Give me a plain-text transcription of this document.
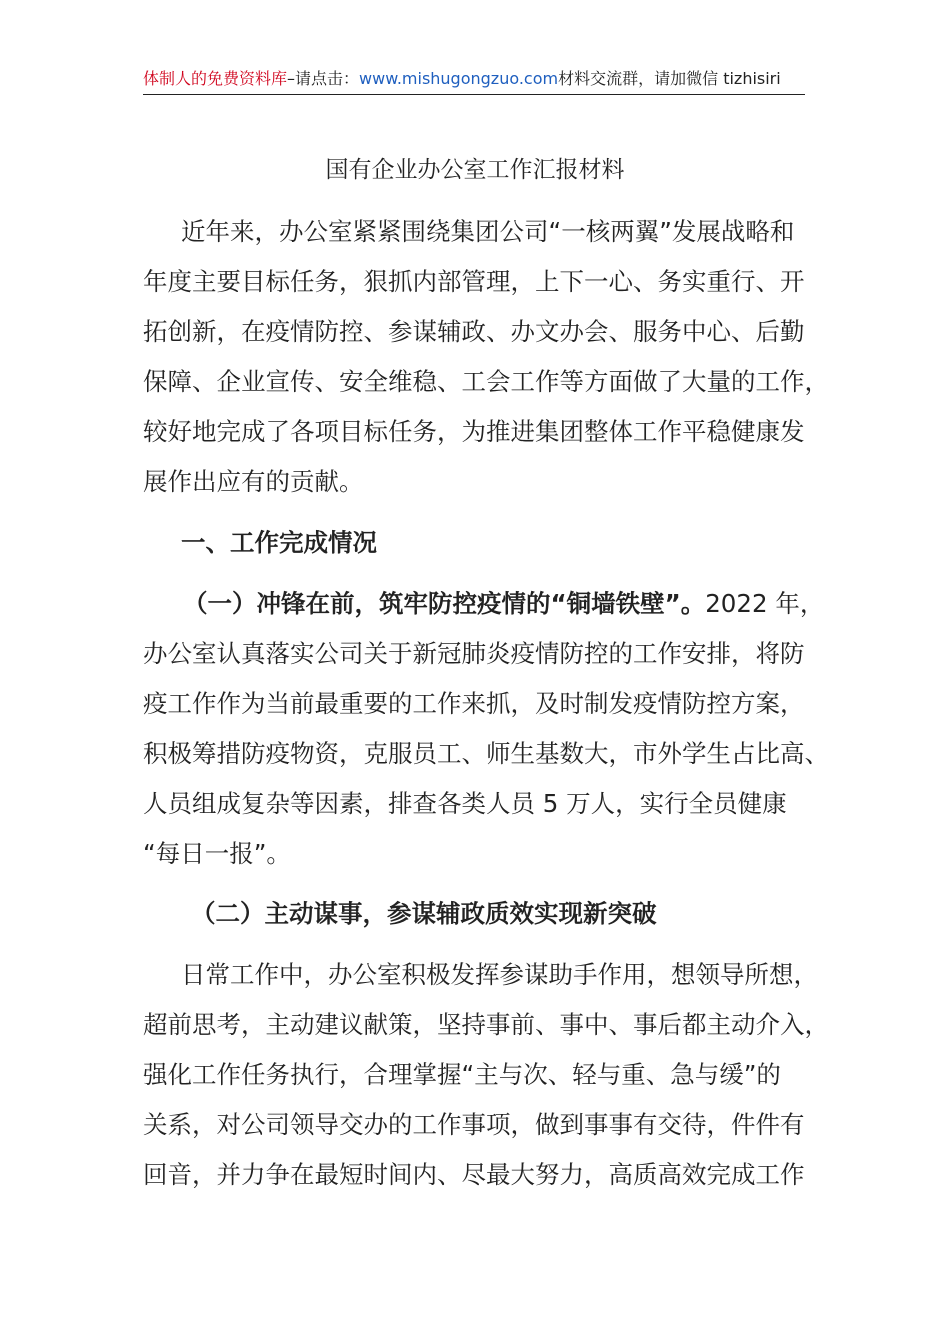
体制人的免费资料库–请点击：www.mishugongzuo.com材料交流群，请加微信 tizhisiri
国有企业办公室工作汇报材料
近年来，办公室紧紧围绕集团公司“一核两翼”发展战略和
年度主要目标任务，狠抓内部管理，上下一心、务实重行、开
拓创新，在疫情防控、参谋辅政、办文办会、服务中心、后勤
保障、企业宣传、安全维稳、工会工作等方面做了大量的工作，
较好地完成了各项目标任务，为推进集团整体工作平稳健康发
展作出应有的贡献。
一、工作完成情况
（一）冲锋在前，筑牢防控疫情的“铜墙铁壁”。2022 年，
办公室认真落实公司关于新冠肺炎疫情防控的工作安排，将防
疫工作作为当前最重要的工作来抓，及时制发疫情防控方案，
积极筹措防疫物资，克服员工、师生基数大，市外学生占比高、
人员组成复杂等因素，排查各类人员 5 万人，实行全员健康
“每日一报”。
（二）主动谋事，参谋辅政质效实现新突破
日常工作中，办公室积极发挥参谋助手作用，想领导所想，
超前思考，主动建议献策，坚持事前、事中、事后都主动介入，
强化工作任务执行，合理掌握“主与次、轻与重、急与缓”的
关系，对公司领导交办的工作事项，做到事事有交待，件件有
回音，并力争在最短时间内、尽最大努力，高质高效完成工作
